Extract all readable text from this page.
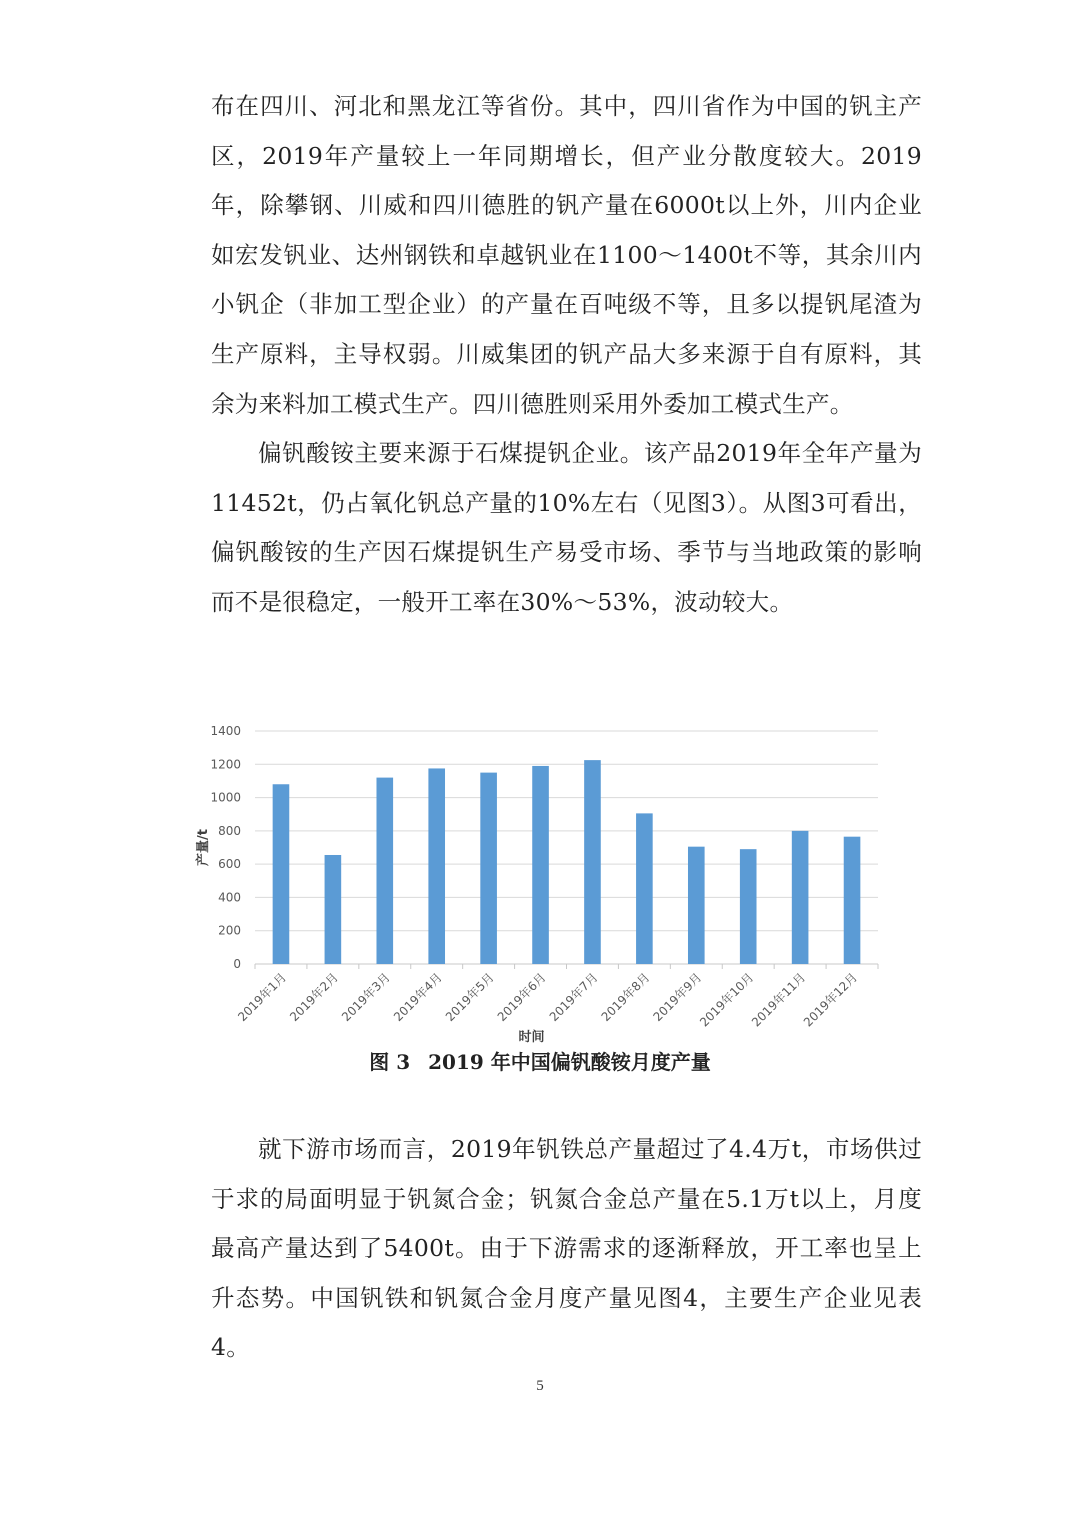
布在四川、河北和黑龙江等省份。其中，四川省作为中国的钒主产区，2019年产量较上一年同期增长，但产业分散度较大。2019年，除攀钢、川威和四川德胜的钒产量在6000t以上外，川内企业如宏发钒业、达州钢铁和卓越钒业在1100～1400t不等，其余川内小钒企（非加工型企业）的产量在百吨级不等，且多以提钒尾渣为生产原料，主导权弱。川威集团的钒产品大多来源于自有原料，其余为来料加工模式生产。四川德胜则采用外委加工模式生产。

偏钒酸铵主要来源于石煤提钒企业。该产品2019年全年产量为11452t，仍占氧化钒总产量的10%左右（见图3）。从图3可看出，偏钒酸铵的生产因石煤提钒生产易受市场、季节与当地政策的影响而不是很稳定，一般开工率在30%～53%，波动较大。

0
200
400
600
800
1000
1200
1400
2019年1月
2019年2月
2019年3月
2019年4月
2019年5月
2019年6月
2019年7月
2019年8月
2019年9月
2019年10月
2019年11月
2019年12月
时间
产量/t
图 3 2019 年中国偏钒酸铵月度产量

就下游市场而言，2019年钒铁总产量超过了4.4万t，市场供过于求的局面明显于钒氮合金；钒氮合金总产量在5.1万t以上，月度最高产量达到了5400t。由于下游需求的逐渐释放，开工率也呈上升态势。中国钒铁和钒氮合金月度产量见图4，主要生产企业见表4。

5
